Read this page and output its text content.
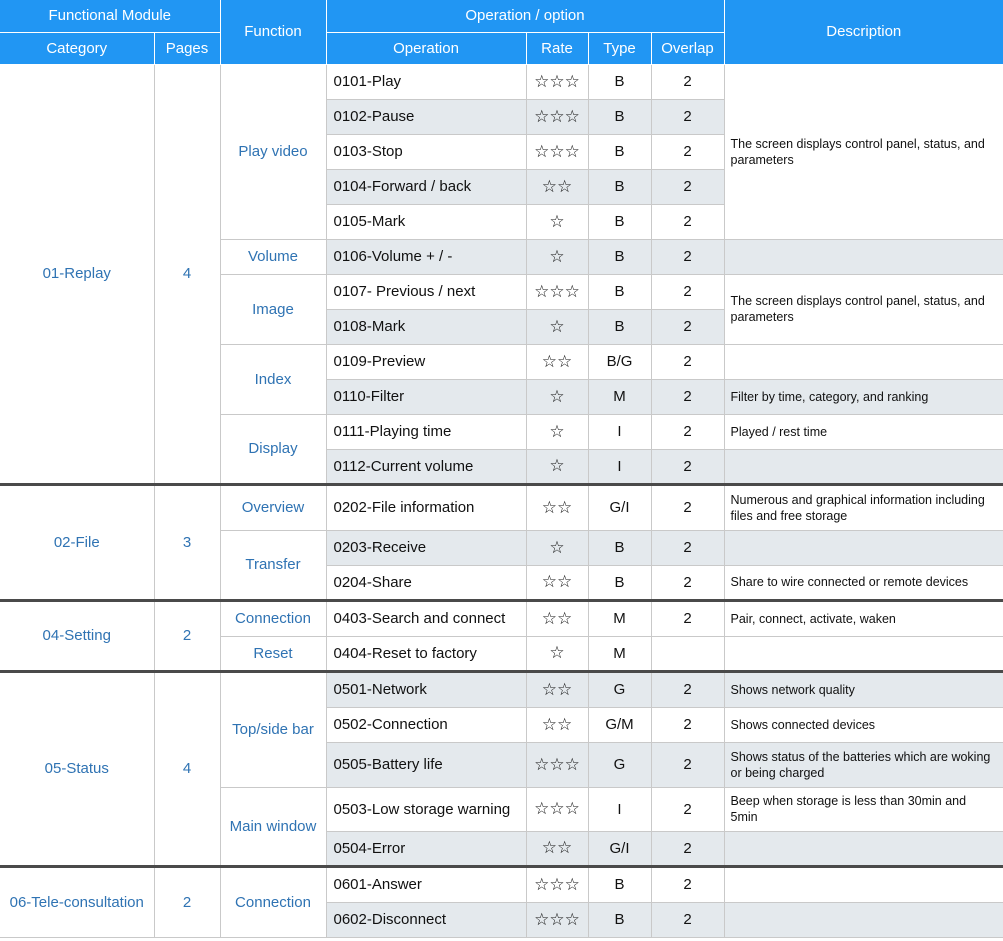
Functional Module		Function	Operation / option				Description
Category	Pages		Operation	Rate	Type	Overlap	
01-Replay	4	Play video	0101-Play	☆☆☆	B	2	The screen displays control panel, status, and parameters
			0102-Pause	☆☆☆	B	2	
			0103-Stop	☆☆☆	B	2	
			0104-Forward / back	☆☆	B	2	
			0105-Mark	☆	B	2	
		Volume	0106-Volume + / -	☆	B	2	
		Image	0107- Previous / next	☆☆☆	B	2	The screen displays control panel, status, and parameters
			0108-Mark	☆	B	2	
		Index	0109-Preview	☆☆	B/G	2	
			0110-Filter	☆	M	2	Filter by time, category, and ranking
		Display	0111-Playing time	☆	I	2	Played / rest time
			0112-Current volume	☆	I	2	
02-File	3	Overview	0202-File information	☆☆	G/I	2	Numerous and graphical information including files and free storage
		Transfer	0203-Receive	☆	B	2	
			0204-Share	☆☆	B	2	Share to wire connected or remote devices
04-Setting	2	Connection	0403-Search and connect	☆☆	M	2	Pair, connect, activate, waken
		Reset	0404-Reset to factory	☆	M		
05-Status	4	Top/side bar	0501-Network	☆☆	G	2	Shows network quality
			0502-Connection	☆☆	G/M	2	Shows connected devices
			0505-Battery life	☆☆☆	G	2	Shows status of the batteries which are woking or being charged
		Main window	0503-Low storage warning	☆☆☆	I	2	Beep when storage is less than 30min and 5min
			0504-Error	☆☆	G/I	2	
06-Tele-consultation	2	Connection	0601-Answer	☆☆☆	B	2	
			0602-Disconnect	☆☆☆	B	2	
